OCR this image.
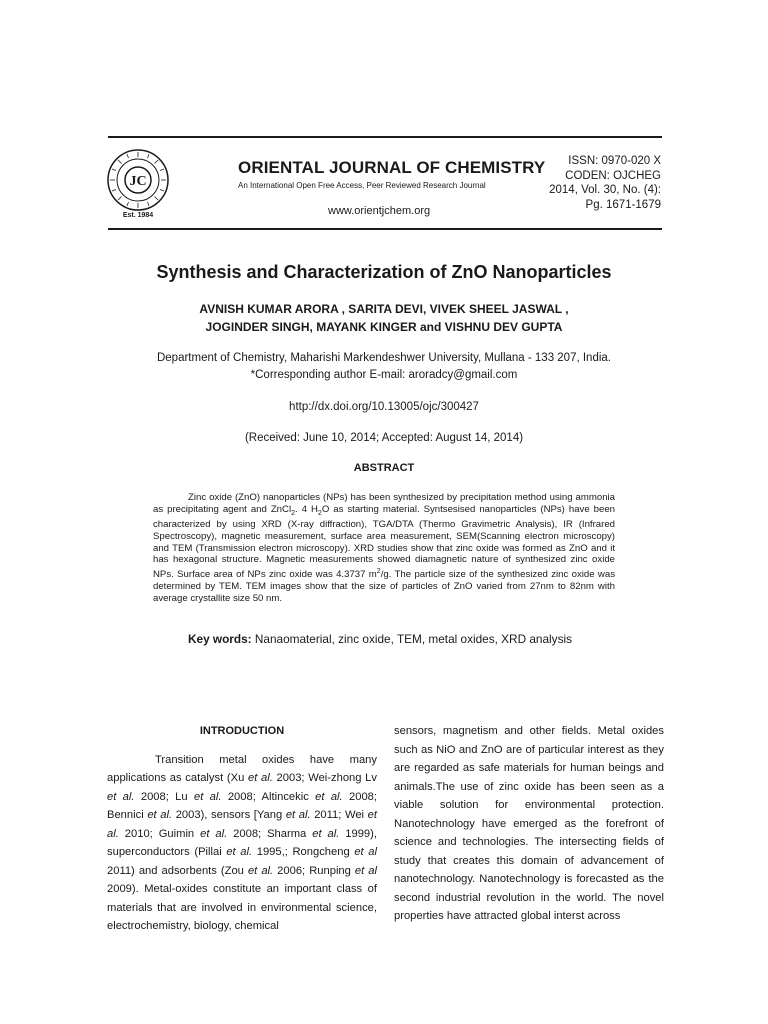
JC
Est. 1984
ORIENTAL JOURNAL OF CHEMISTRY
An International Open Free Access, Peer Reviewed Research Journal
www.orientjchem.org
ISSN: 0970-020 X
CODEN: OJCHEG
2014, Vol. 30, No. (4):
Pg. 1671-1679
Synthesis and Characterization of ZnO Nanoparticles
AVNISH KUMAR ARORA , SARITA DEVI, VIVEK SHEEL JASWAL ,
JOGINDER SINGH, MAYANK KINGER and VISHNU DEV GUPTA
Department of Chemistry, Maharishi Markendeshwer University, Mullana - 133 207, India.
*Corresponding author E-mail: aroradcy@gmail.com
http://dx.doi.org/10.13005/ojc/300427
(Received: June 10, 2014; Accepted: August 14, 2014)
ABSTRACT

Zinc oxide (ZnO) nanoparticles (NPs) has been synthesized by precipitation method using ammonia as precipitating agent and ZnCl$_2$. 4 $H_2O$ as starting material. Syntsesised nanoparticles (NPs) have been characterized by using XRD (X-ray diffraction), TGA/DTA (Thermo Gravimetric Analysis), IR (Infrared Spectroscopy), magnetic measurement, surface area measurement, SEM(Scanning electron microscopy) and TEM (Transmission electron microscopy). XRD studies show that zinc oxide was formed as ZnO and it has hexagonal structure. Magnetic measurements showed diamagnetic nature of synthesized zinc oxide NPs. Surface area of NPs zinc oxide was 4.3737 $m^2/g$. The particle size of the synthesized zinc oxide was determined by TEM. TEM images show that the size of particles of ZnO varied from 27nm to 82nm with average crystallite size 50 nm.

Key words: Nanaomaterial, zinc oxide, TEM, metal oxides, XRD analysis
INTRODUCTION

Transition metal oxides have many applications as catalyst (Xu et al. 2003; Wei-zhong Lv et al. 2008; Lu et al. 2008; Altincekic et al. 2008; Bennici et al. 2003), sensors [Yang et al. 2011; Wei et al. 2010; Guimin et al. 2008; Sharma et al. 1999), superconductors (Pillai et al. 1995,; Rongcheng et al 2011) and adsorbents (Zou et al. 2006; Runping et al 2009). Metal-oxides constitute an important class of materials that are involved in environmental science, electrochemistry, biology, chemical

sensors, magnetism and other fields. Metal oxides such as NiO and ZnO are of particular interest as they are regarded as safe materials for human beings and animals.The use of zinc oxide has been seen as a viable solution for environmental protection. Nanotechnology have emerged as the forefront of science and technologies. The intersecting fields of study that creates this domain of advancement of nanotechnology. Nanotechnology is forecasted as the second industrial revolution in the world. The novel properties have attracted global interst across
